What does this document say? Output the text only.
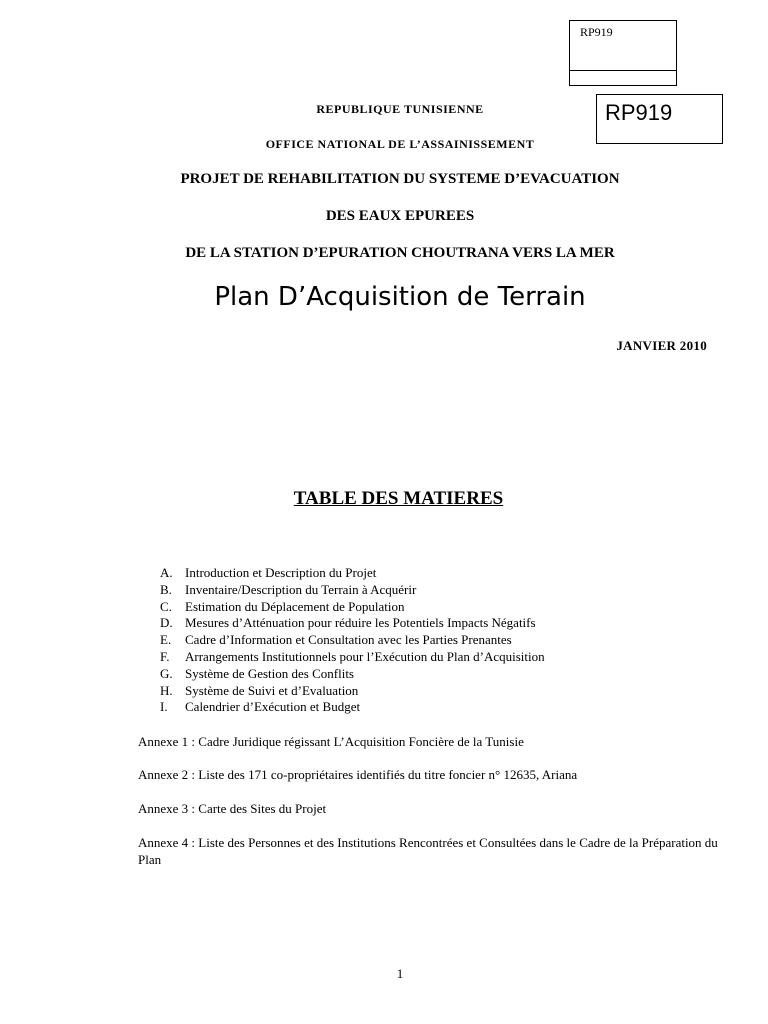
RP919
RP919
REPUBLIQUE TUNISIENNE
OFFICE NATIONAL DE L’ASSAINISSEMENT
PROJET DE REHABILITATION DU SYSTEME D’EVACUATION
DES EAUX EPUREES
DE LA STATION D’EPURATION CHOUTRANA VERS LA MER
Plan D’Acquisition de Terrain
JANVIER 2010
TABLE DES MATIERES
A. Introduction et Description du Projet
B. Inventaire/Description du Terrain à Acquérir
C. Estimation du Déplacement de Population
D. Mesures d’Atténuation pour réduire les Potentiels Impacts Négatifs
E. Cadre d’Information et Consultation avec les Parties Prenantes
F. Arrangements Institutionnels pour l’Exécution du Plan d’Acquisition
G. Système de Gestion des Conflits
H. Système de Suivi et d’Evaluation
I. Calendrier d’Exécution et Budget
Annexe 1 : Cadre Juridique régissant L’Acquisition Foncière de la Tunisie
Annexe 2 : Liste des 171 co-propriétaires identifiés du titre foncier n° 12635, Ariana
Annexe 3 : Carte des Sites du Projet
Annexe 4 : Liste des Personnes et des Institutions Rencontrées et Consultées dans le Cadre de la Préparation du Plan
1
